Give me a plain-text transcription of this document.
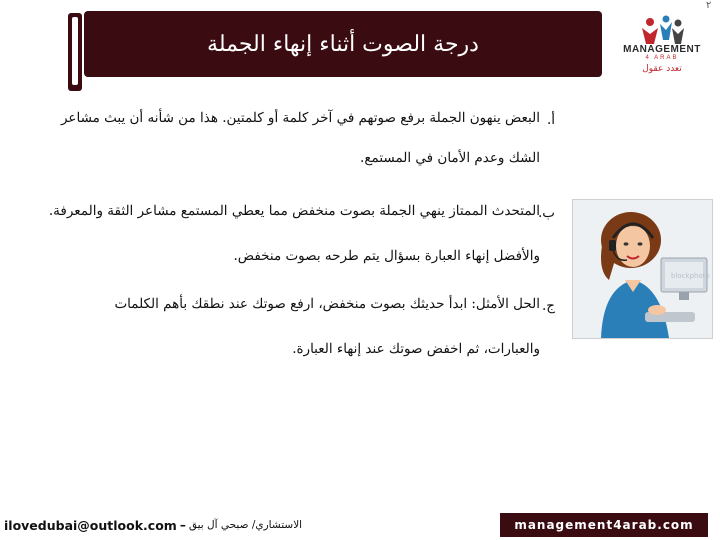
٢
درجة الصوت أثناء إنهاء الجملة	MANAGEMENT
4 ARAB
تعدد عقول
أ.
البعض ينهون الجملة برفع صوتهم في آخر كلمة أو كلمتين. هذا من شأنه أن يبث مشاعر
الشك وعدم الأمان في المستمع.
ب.
المتحدث الممتاز ينهي الجملة بصوت منخفض مما يعطي المستمع مشاعر الثقة والمعرفة.
والأفضل إنهاء العبارة بسؤال يتم طرحه بصوت منخفض.
ج.
الحل الأمثل: ابدأ حديثك بصوت منخفض، ارفع صوتك عند نطقك بأهم الكلمات
والعبارات، ثم اخفض صوتك عند إنهاء العبارة.
blockphoto
ilovedubai@outlook.com – الاستشاري/ صبحي آل بيق	management4arab.com
